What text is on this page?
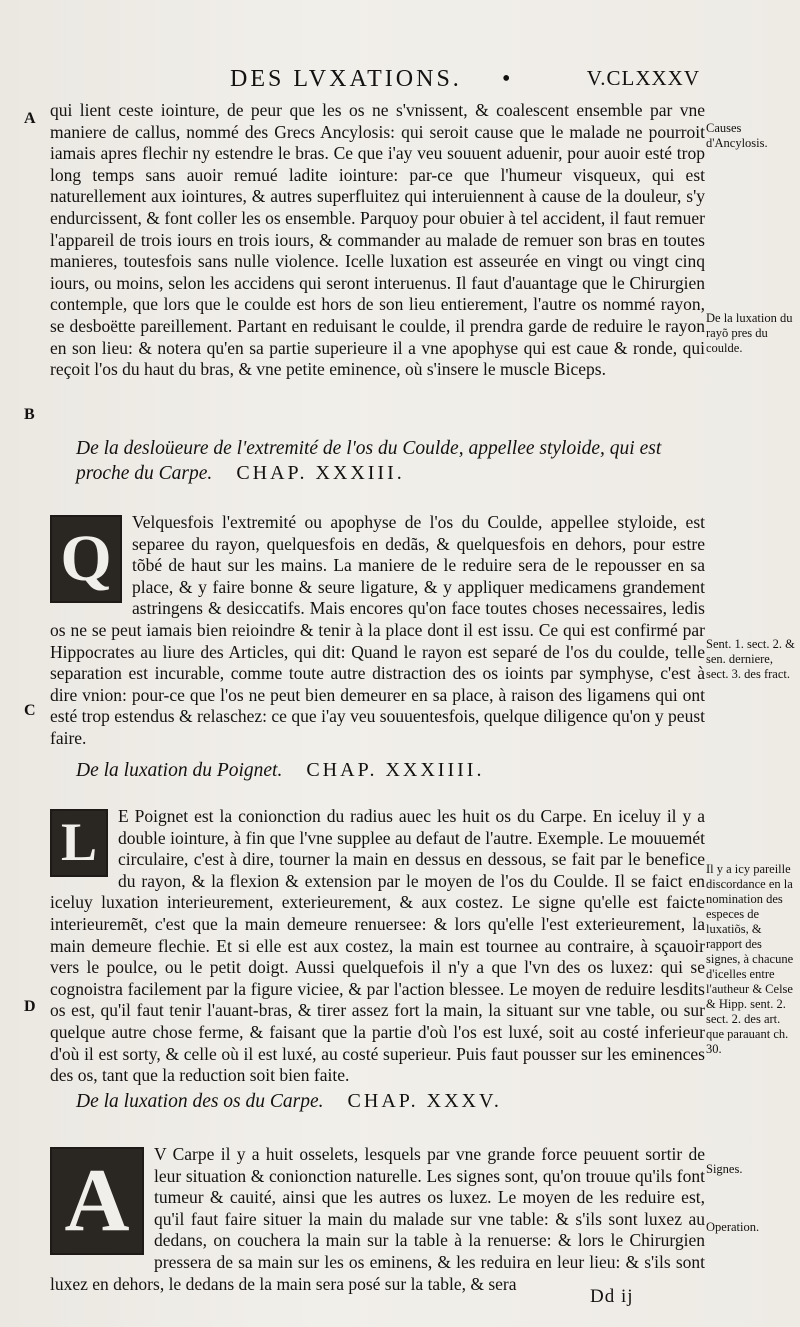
DES LVXATIONS. •	V.CLXXXV
A
B
C
D

qui lient ceste iointure, de peur que les os ne s'vnissent, & coalescent ensemble par vne maniere de callus, nommé des Grecs Ancylosis: qui seroit cause que le malade ne pourroit iamais apres flechir ny estendre le bras. Ce que i'ay veu souuent aduenir, pour auoir esté trop long temps sans auoir remué ladite iointure: par-ce que l'humeur visqueux, qui est naturellement aux iointures, & autres superfluitez qui interuiennent à cause de la douleur, s'y endurcissent, & font coller les os ensemble. Parquoy pour obuier à tel accident, il faut remuer l'appareil de trois iours en trois iours, & commander au malade de remuer son bras en toutes manieres, toutesfois sans nulle violence. Icelle luxation est asseurée en vingt ou vingt cinq iours, ou moins, selon les accidens qui seront interuenus. Il faut d'auantage que le Chirurgien contemple, que lors que le coulde est hors de son lieu entierement, l'autre os nommé rayon, se desboëtte pareillement. Partant en reduisant le coulde, il prendra garde de reduire le rayon en son lieu: & notera qu'en sa partie superieure il a vne apophyse qui est caue & ronde, qui reçoit l'os du haut du bras, & vne petite eminence, où s'insere le muscle Biceps.

De la desloüeure de l'extremité de l'os du Coulde, appellee styloide, qui est proche du Carpe. CHAP. XXXIII.
Q
Velquesfois l'extremité ou apophyse de l'os du Coulde, appellee styloide, est separee du rayon, quelquesfois en dedãs, & quelquesfois en dehors, pour estre tõbé de haut sur les mains. La maniere de le reduire sera de le repousser en sa place, & y faire bonne & seure ligature, & y appliquer medicamens grandement astringens & desiccatifs. Mais encores qu'on face toutes choses necessaires, ledis os ne se peut iamais bien reioindre & tenir à la place dont il est issu. Ce qui est confirmé par Hippocrates au liure des Articles, qui dit: Quand le rayon est separé de l'os du coulde, telle separation est incurable, comme toute autre distraction des os ioints par symphyse, c'est à dire vnion: pour-ce que l'os ne peut bien demeurer en sa place, à raison des ligamens qui ont esté trop estendus & relaschez: ce que i'ay veu souuentesfois, quelque diligence qu'on y peust faire.
De la luxation du Poignet. CHAP. XXXIIII.
L	E Poignet est la conionction du radius auec les huit os du Carpe. En iceluy il y a double iointure, à fin que l'vne supplee au defaut de l'autre. Exemple. Le mouuemét circulaire, c'est à dire, tourner la main en dessus en dessous, se fait par le benefice du rayon, & la flexion & extension par le moyen de l'os du Coulde. Il se faict en iceluy luxation interieurement, exterieurement, & aux costez. Le signe qu'elle est faicte interieuremẽt, c'est que la main demeure renuersee: & lors qu'elle l'est exterieurement, la main demeure flechie. Et si elle est aux costez, la main est tournee au contraire, à sçauoir vers le poulce, ou le petit doigt. Aussi quelquefois il n'y a que l'vn des os luxez: qui se cognoistra facilement par la figure viciee, & par l'action blessee. Le moyen de reduire lesdits os est, qu'il faut tenir l'auant-bras, & tirer assez fort la main, la situant sur vne table, ou sur quelque autre chose ferme, & faisant que la partie d'où l'os est luxé, soit au costé inferieur d'où il est sorty, & celle où il est luxé, au costé superieur. Puis faut pousser sur les eminences des os, tant que la reduction soit bien faite.
De la luxation des os du Carpe. CHAP. XXXV.
A	V Carpe il y a huit osselets, lesquels par vne grande force peuuent sortir de leur situation & conionction naturelle. Les signes sont, qu'on trouue qu'ils font tumeur & cauité, ainsi que les autres os luxez. Le moyen de les reduire est, qu'il faut faire situer la main du malade sur vne table: & s'ils sont luxez au dedans, on couchera la main sur la table à la renuerse: & lors le Chirurgien pressera de sa main sur les os eminens, & les reduira en leur lieu: & s'ils sont luxez en dehors, le dedans de la main sera posé sur la table, & sera
Causes d'Ancylosis.
De la luxation du rayõ pres du coulde.
Sent. 1. sect. 2. & sen. derniere, sect. 3. des fract.
Il y a icy pareille discordance en la nomination des especes de luxatiõs, & rapport des signes, à chacune d'icelles entre l'autheur & Celse & Hipp. sent. 2. sect. 2. des art. que parauant ch. 30.
Signes.
Operation.
Dd ij
